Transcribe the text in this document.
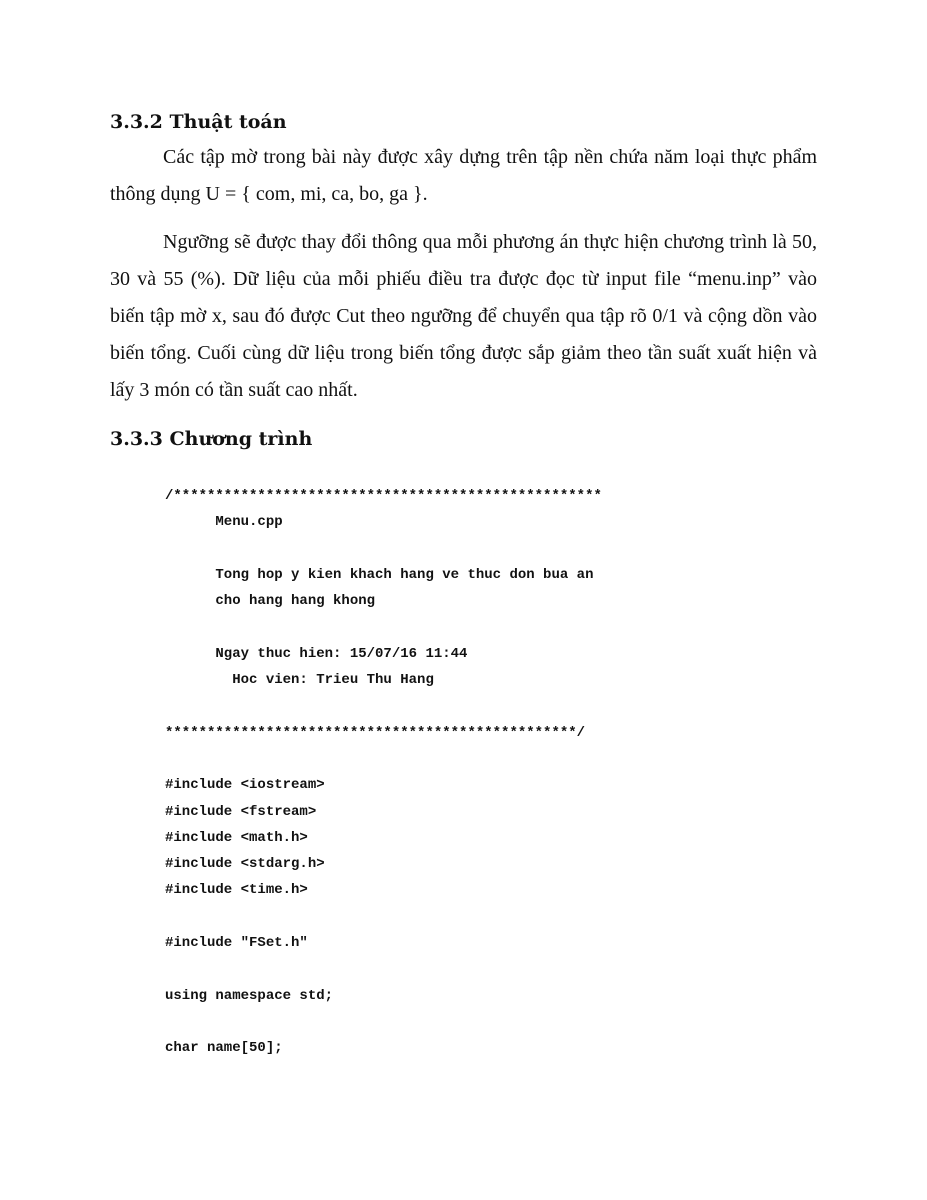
3.3.2 Thuật toán

Các tập mờ trong bài này được xây dựng trên tập nền chứa năm loại thực phẩm thông dụng U = { com, mi, ca, bo, ga }.

Ngưỡng sẽ được thay đổi thông qua mỗi phương án thực hiện chương trình là 50, 30 và 55 (%). Dữ liệu của mỗi phiếu điều tra được đọc từ input file “menu.inp” vào biến tập mờ x, sau đó được Cut theo ngưỡng để chuyển qua tập rõ 0/1 và cộng dồn vào biến tổng. Cuối cùng dữ liệu trong biến tổng được sắp giảm theo tần suất xuất hiện và lấy 3 món có tần suất cao nhất.

3.3.3 Chương trình
/***************************************************
Menu.cpp
Tong hop y kien khach hang ve thuc don bua an
cho hang hang khong
Ngay thuc hien: 15/07/16 11:44
Hoc vien: Trieu Thu Hang
*************************************************/
#include <iostream>
#include <fstream>
#include <math.h>
#include <stdarg.h>
#include <time.h>
#include "FSet.h"
using namespace std;
char name[50];
